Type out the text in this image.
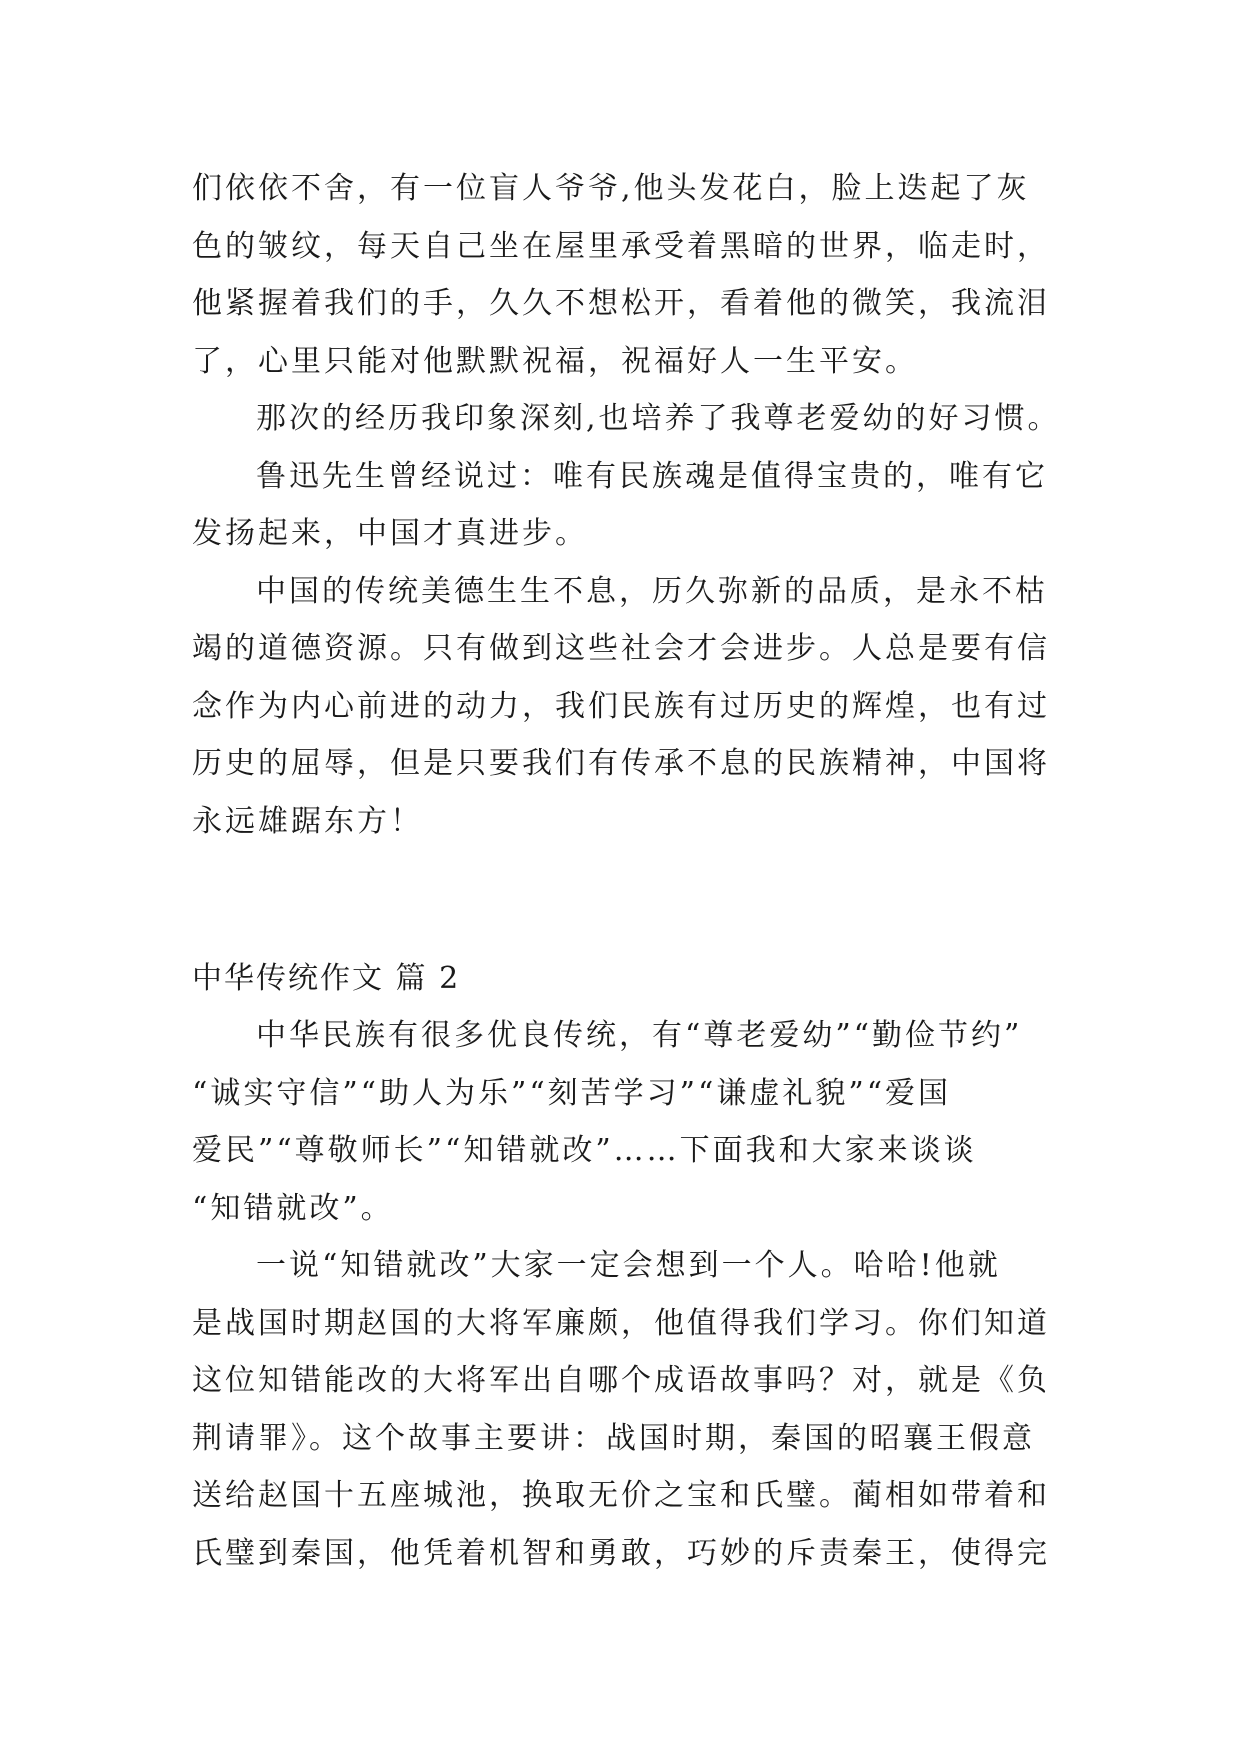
们依依不舍，有一位盲人爷爷,他头发花白，脸上迭起了灰

色的皱纹，每天自己坐在屋里承受着黑暗的世界，临走时，

他紧握着我们的手，久久不想松开，看着他的微笑，我流泪

了，心里只能对他默默祝福，祝福好人一生平安。

那次的经历我印象深刻,也培养了我尊老爱幼的好习惯。

鲁迅先生曾经说过：唯有民族魂是值得宝贵的，唯有它

发扬起来，中国才真进步。

中国的传统美德生生不息，历久弥新的品质，是永不枯

竭的道德资源。只有做到这些社会才会进步。人总是要有信

念作为内心前进的动力，我们民族有过历史的辉煌，也有过

历史的屈辱，但是只要我们有传承不息的民族精神，中国将

永远雄踞东方！

中华传统作文 篇 2

中华民族有很多优良传统，有“尊老爱幼”“勤俭节约”

“诚实守信”“助人为乐”“刻苦学习”“谦虚礼貌”“爱国

爱民”“尊敬师长”“知错就改”……下面我和大家来谈谈

“知错就改”。

一说“知错就改”大家一定会想到一个人。哈哈!他就

是战国时期赵国的大将军廉颇，他值得我们学习。你们知道

这位知错能改的大将军出自哪个成语故事吗？对，就是《负

荆请罪》。这个故事主要讲：战国时期，秦国的昭襄王假意

送给赵国十五座城池，换取无价之宝和氏璧。蔺相如带着和

氏璧到秦国，他凭着机智和勇敢，巧妙的斥责秦王，使得完
